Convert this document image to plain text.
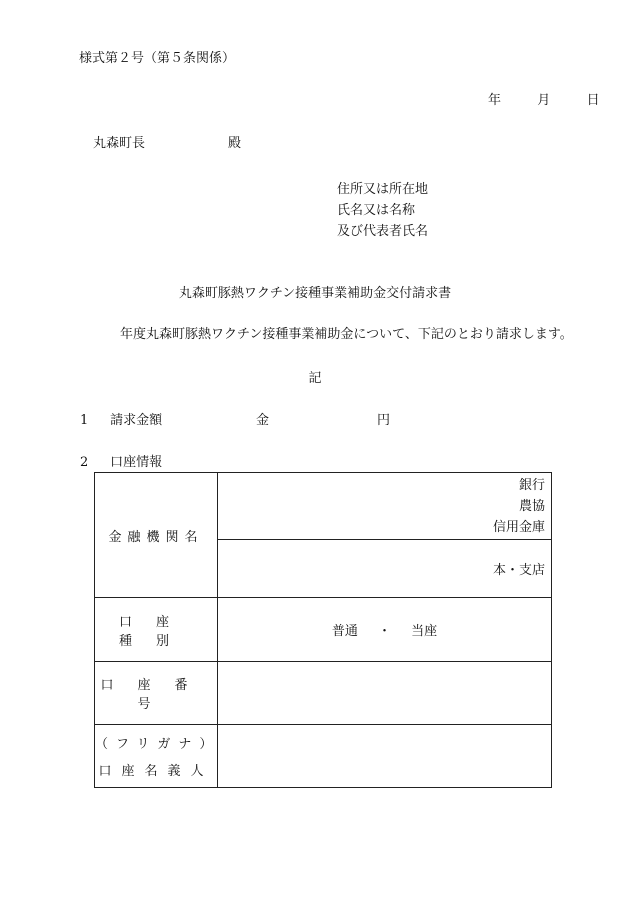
様式第２号（第５条関係）
年	月	日
丸森町長	殿
住所又は所在地
氏名又は名称
及び代表者氏名
丸森町豚熱ワクチン接種事業補助金交付請求書
年度丸森町豚熱ワクチン接種事業補助金について、下記のとおり請求します。
記
1 請求金額	金	円
2 口座情報
金融機関名	銀行
農協
信用金庫

	本・支店

口座種別	普通 ・ 当座
口座番号	

（フリガナ）
口座名義人	
